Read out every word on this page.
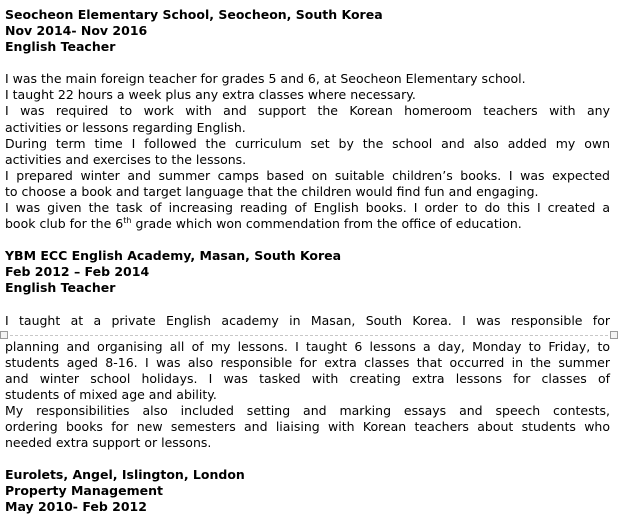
Seocheon Elementary School, Seocheon, South Korea
Nov 2014- Nov 2016
English Teacher
I was the main foreign teacher for grades 5 and 6, at Seocheon Elementary school.
I taught 22 hours a week plus any extra classes where necessary.
I was required to work with and support the Korean homeroom teachers with any
activities or lessons regarding English.
During term time I followed the curriculum set by the school and also added my own
activities and exercises to the lessons.
I prepared winter and summer camps based on suitable children’s books. I was expected
to choose a book and target language that the children would find fun and engaging.
I was given the task of increasing reading of English books. I order to do this I created a
book club for the 6th grade which won commendation from the office of education.
YBM ECC English Academy, Masan, South Korea
Feb 2012 – Feb 2014
English Teacher
I taught at a private English academy in Masan, South Korea. I was responsible for
planning and organising all of my lessons. I taught 6 lessons a day, Monday to Friday, to
students aged 8-16. I was also responsible for extra classes that occurred in the summer
and winter school holidays. I was tasked with creating extra lessons for classes of
students of mixed age and ability.
My responsibilities also included setting and marking essays and speech contests,
ordering books for new semesters and liaising with Korean teachers about students who
needed extra support or lessons.
Eurolets, Angel, Islington, London
Property Management
May 2010- Feb 2012
